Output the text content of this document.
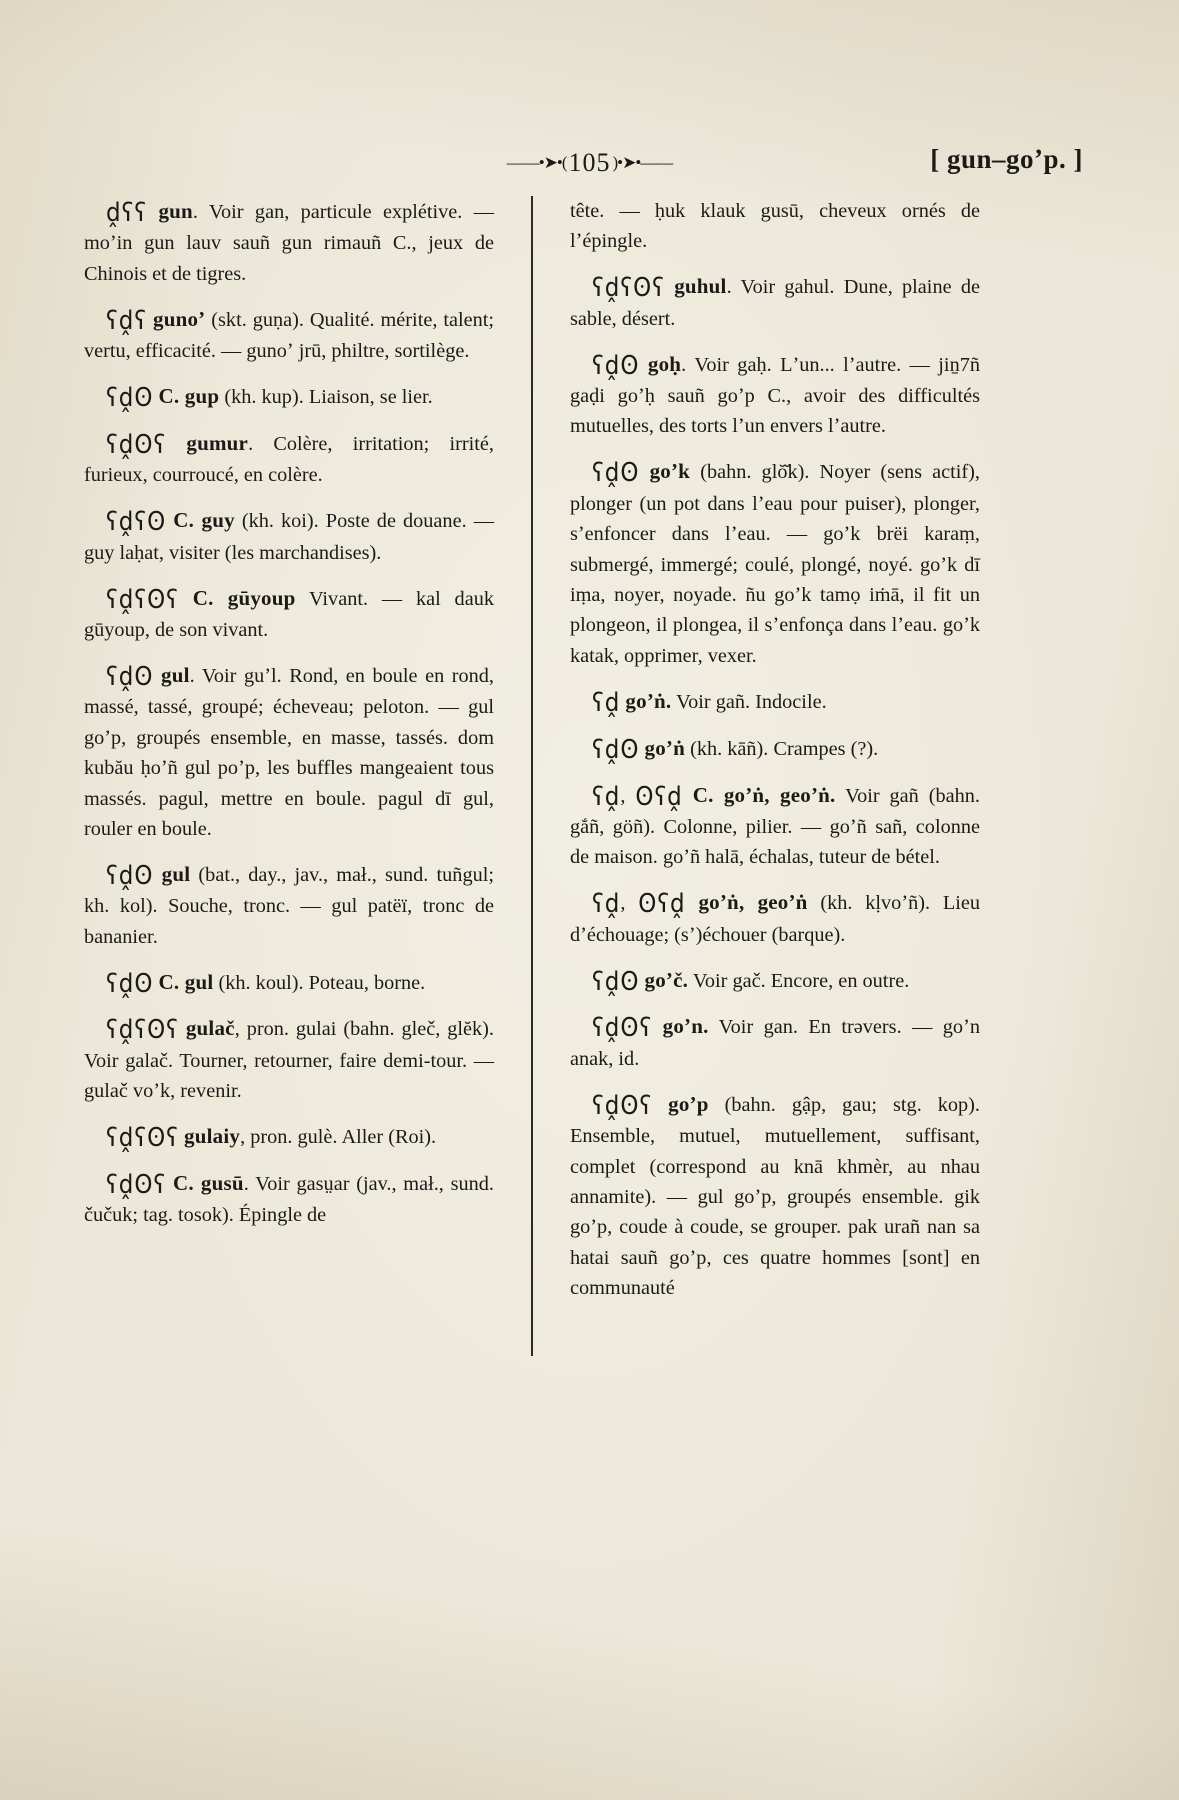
——•➤•(105 )•➤•——	[ gun–goʼp. ]

ḓʕʕ gun. Voir gan, particule explétive. — moʼin gun lauv sauñ gun rimauñ C., jeux de Chinois et de tigres.

ʕḓʕ gunoʼ (skt. guṇa). Qualité. mérite, talent; vertu, efficacité. — gunoʼ jrū, philtre, sortilège.

ʕḓʘ C. gup (kh. kup). Liaison, se lier.

ʕḓʘʕ gumur. Colère, irritation; irrité, furieux, courroucé, en colère.

ʕḓʕʘ C. guy (kh. koi). Poste de douane. — guy laḥat, visiter (les marchandises).

ʕḓʕʘʕ C. gūyoup Vivant. — kal dauk gūyoup, de son vivant.

ʕḓʘ gul. Voir guʼl. Rond, en boule en rond, massé, tassé, groupé; écheveau; peloton. — gul goʼp, groupés ensemble, en masse, tassés. dom kubău ḥoʼñ gul poʼp, les buffles mangeaient tous massés. pagul, mettre en boule. pagul dī gul, rouler en boule.

ʕḓʘ gul (bat., day., jav., mał., sund. tuñgul; kh. kol). Souche, tronc. — gul patëï, tronc de bananier.

ʕḓʘ C. gul (kh. koul). Poteau, borne.

ʕḓʕʘʕ gulač, pron. gulai (bahn. gleč, glĕk). Voir galač. Tourner, retourner, faire demi-tour. — gulač voʼk, revenir.

ʕḓʕʘʕ gulaiy, pron. gulè. Aller (Roi).

ʕḓʘʕ C. gusū. Voir gasṳar (jav., mał., sund. čučuk; tag. tosok). Épingle de

tête. — ḥuk klauk gusū, cheveux ornés de lʼépingle.

ʕḓʕʘʕ guhul. Voir gahul. Dune, plaine de sable, désert.

ʕḓʘ goḥ. Voir gaḥ. Lʼun... lʼautre. — jiṉ7ñ gaḍi goʼḥ sauñ goʼp C., avoir des difficultés mutuelles, des torts lʼun envers lʼautre.

ʕḓʘ goʼk (bahn. glŏ̆k). Noyer (sens actif), plonger (un pot dans lʼeau pour puiser), plonger, sʼenfoncer dans lʼeau. — goʼk brëi karaṃ, submergé, immergé; coulé, plongé, noyé. goʼk dī iṃa, noyer, noyade. ñu goʼk tamọ iṁā, il fit un plongeon, il plongea, il sʼenfonça dans lʼeau. goʼk katak, opprimer, vexer.

ʕḓ goʼṅ. Voir gañ. Indocile.

ʕḓʘ goʼṅ (kh. kāñ). Crampes (?).

ʕḓ, ʘʕḓ C. goʼṅ, geoʼṅ. Voir gañ (bahn. gắñ, göñ). Colonne, pilier. — goʼñ sañ, colonne de maison. goʼñ halā, échalas, tuteur de bétel.

ʕḓ, ʘʕḓ goʼṅ, geoʼṅ (kh. kḷvoʼñ). Lieu dʼéchouage; (sʼ)échouer (barque).

ʕḓʘ goʼč. Voir gač. Encore, en outre.

ʕḓʘʕ goʼn. Voir gan. En trəvers. — goʼn anak, id.

ʕḓʘʕ goʼp (bahn. gập, gau; stg. kop). Ensemble, mutuel, mutuellement, suffisant, complet (correspond au knā khmèr, au nhau annamite). — gul goʼp, groupés ensemble. gik goʼp, coude à coude, se grouper. pak urañ nan sa hatai sauñ goʼp, ces quatre hommes [sont] en communauté
